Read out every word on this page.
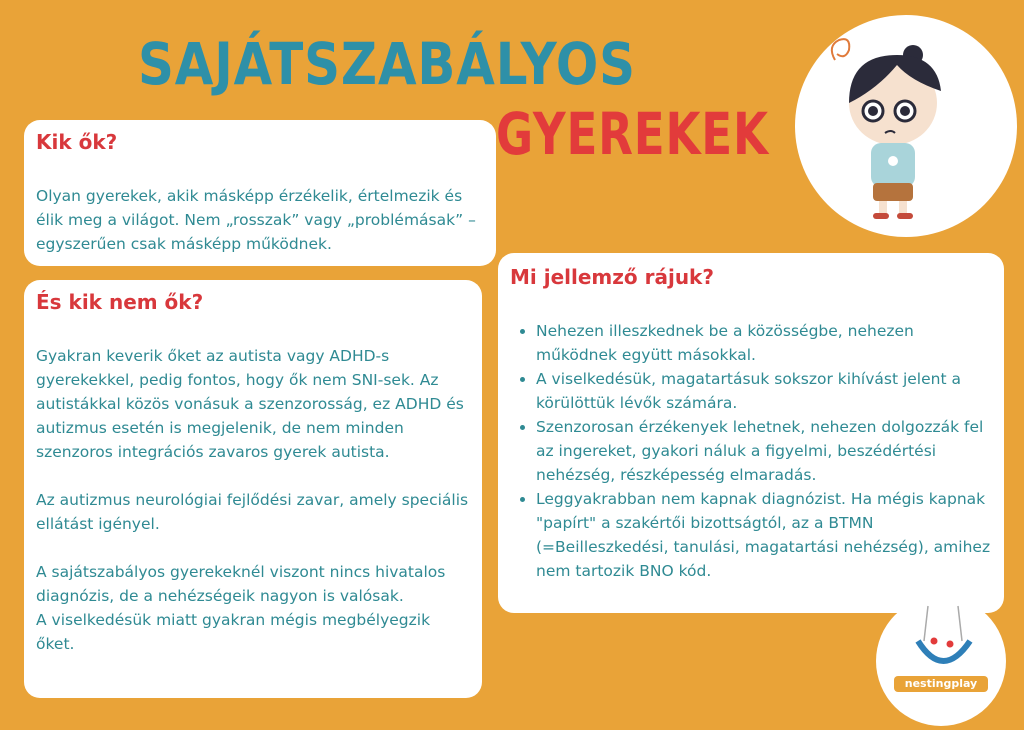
SAJÁTSZABÁLYOS
Kik ők?

Olyan gyerekek, akik másképp érzékelik, értelmezik és élik meg a világot. Nem „rosszak” vagy „problémásak” – egyszerűen csak másképp működnek.

GYEREKEK
És kik nem ők?

Gyakran keverik őket az autista vagy ADHD-s gyerekekkel, pedig fontos, hogy ők nem SNI-sek. Az autistákkal közös vonásuk a szenzorosság, ez ADHD és autizmus esetén is megjelenik, de nem minden szenzoros integrációs zavaros gyerek autista.

Az autizmus neurológiai fejlődési zavar, amely speciális ellátást igényel.

A sajátszabályos gyerekeknél viszont nincs hivatalos diagnózis, de a nehézségeik nagyon is valósak.

A viselkedésük miatt gyakran mégis megbélyegzik őket.

Mi jellemző rájuk?
• Nehezen illeszkednek be a közösségbe, nehezen működnek együtt másokkal.
• A viselkedésük, magatartásuk sokszor kihívást jelent a körülöttük lévők számára.
• Szenzorosan érzékenyek lehetnek, nehezen dolgozzák fel az ingereket, gyakori náluk a figyelmi, beszédértési nehézség, részképesség elmaradás.
• Leggyakrabban nem kapnak diagnózist. Ha mégis kapnak "papírt" a szakértői bizottságtól, az a BTMN (=Beilleszkedési, tanulási, magatartási nehézség), amihez nem tartozik BNO kód.
nestingplay
